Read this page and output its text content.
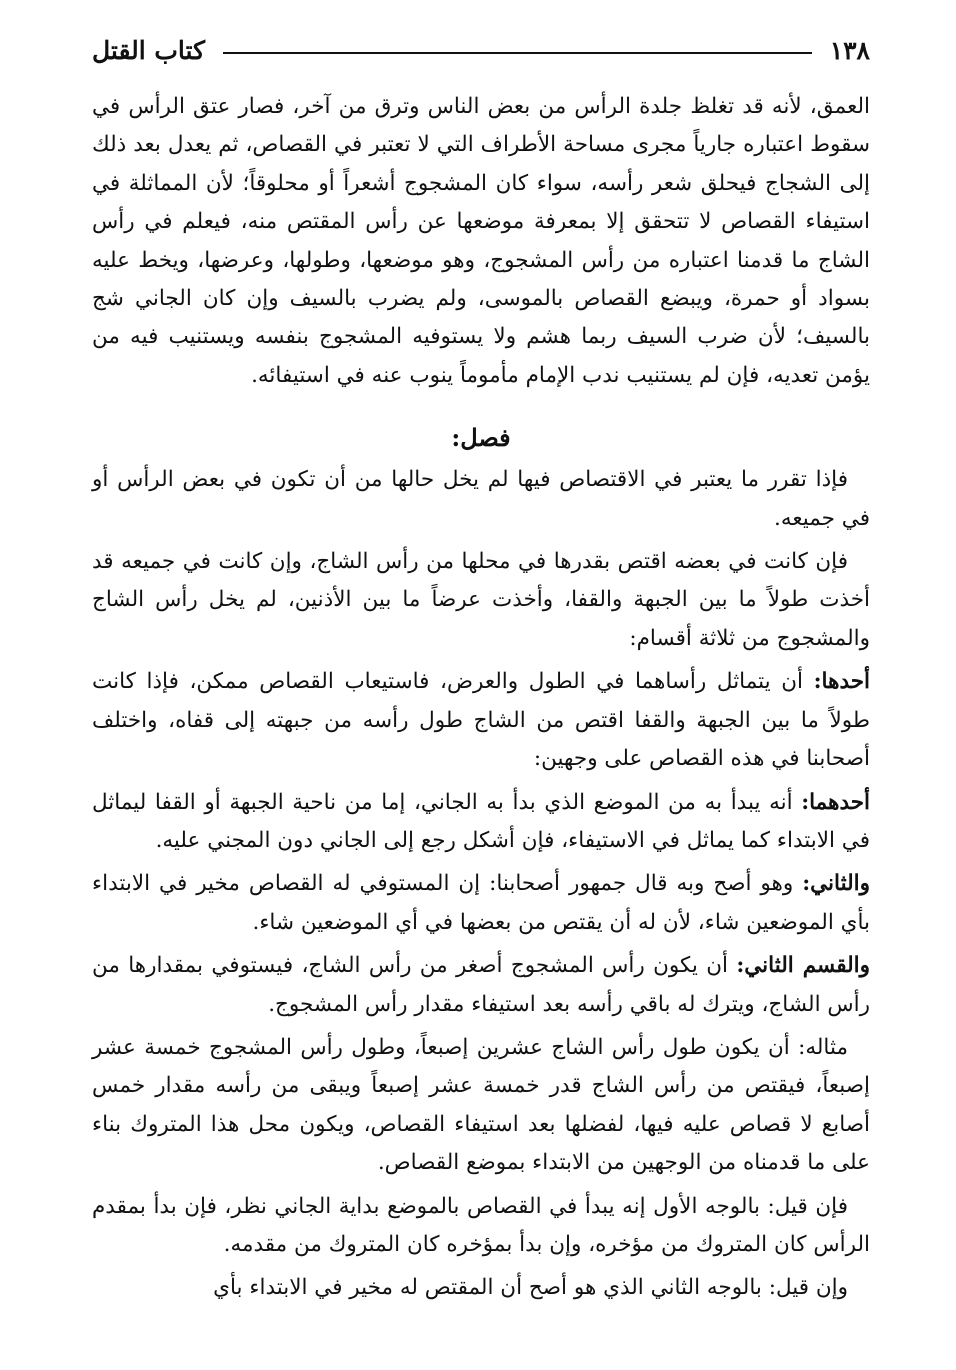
١٣٨
كتاب القتل

العمق، لأنه قد تغلظ جلدة الرأس من بعض الناس وترق من آخر، فصار عتق الرأس في سقوط اعتباره جارياً مجرى مساحة الأطراف التي لا تعتبر في القصاص، ثم يعدل بعد ذلك إلى الشجاج فيحلق شعر رأسه، سواء كان المشجوج أشعراً أو محلوقاً؛ لأن المماثلة في استيفاء القصاص لا تتحقق إلا بمعرفة موضعها عن رأس المقتص منه، فيعلم في رأس الشاج ما قدمنا اعتباره من رأس المشجوج، وهو موضعها، وطولها، وعرضها، ويخط عليه بسواد أو حمرة، ويبضع القصاص بالموسى، ولم يضرب بالسيف وإن كان الجاني شج بالسيف؛ لأن ضرب السيف ربما هشم ولا يستوفيه المشجوج بنفسه ويستنيب فيه من يؤمن تعديه، فإن لم يستنيب ندب الإمام مأموماً ينوب عنه في استيفائه.

فصل:

فإذا تقرر ما يعتبر في الاقتصاص فيها لم يخل حالها من أن تكون في بعض الرأس أو في جميعه.

فإن كانت في بعضه اقتص بقدرها في محلها من رأس الشاج، وإن كانت في جميعه قد أخذت طولاً ما بين الجبهة والقفا، وأخذت عرضاً ما بين الأذنين، لم يخل رأس الشاج والمشجوج من ثلاثة أقسام:

أحدها: أن يتماثل رأساهما في الطول والعرض، فاستيعاب القصاص ممكن، فإذا كانت طولاً ما بين الجبهة والقفا اقتص من الشاج طول رأسه من جبهته إلى قفاه، واختلف أصحابنا في هذه القصاص على وجهين:

أحدهما: أنه يبدأ به من الموضع الذي بدأ به الجاني، إما من ناحية الجبهة أو القفا ليماثل في الابتداء كما يماثل في الاستيفاء، فإن أشكل رجع إلى الجاني دون المجني عليه.

والثاني: وهو أصح وبه قال جمهور أصحابنا: إن المستوفي له القصاص مخير في الابتداء بأي الموضعين شاء، لأن له أن يقتص من بعضها في أي الموضعين شاء.

والقسم الثاني: أن يكون رأس المشجوج أصغر من رأس الشاج، فيستوفي بمقدارها من رأس الشاج، ويترك له باقي رأسه بعد استيفاء مقدار رأس المشجوج.

مثاله: أن يكون طول رأس الشاج عشرين إصبعاً، وطول رأس المشجوج خمسة عشر إصبعاً، فيقتص من رأس الشاج قدر خمسة عشر إصبعاً ويبقى من رأسه مقدار خمس أصابع لا قصاص عليه فيها، لفضلها بعد استيفاء القصاص، ويكون محل هذا المتروك بناء على ما قدمناه من الوجهين من الابتداء بموضع القصاص.

فإن قيل: بالوجه الأول إنه يبدأ في القصاص بالموضع بداية الجاني نظر، فإن بدأ بمقدم الرأس كان المتروك من مؤخره، وإن بدأ بمؤخره كان المتروك من مقدمه.

وإن قيل: بالوجه الثاني الذي هو أصح أن المقتص له مخير في الابتداء بأي
